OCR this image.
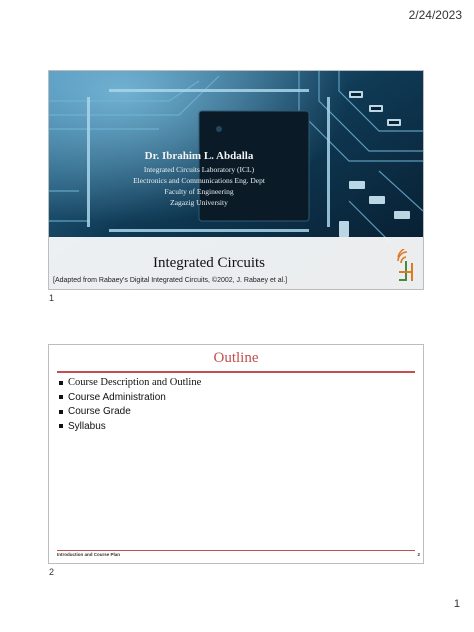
2/24/2023
Dr. Ibrahim L. Abdalla
Integrated Circuits Laboratory (ICL)
Electronics and Communications Eng. Dept
Faculty of Engineering
Zagazig University
Integrated Circuits
[Adapted from Rabaey's Digital Integrated Circuits, ©2002, J. Rabaey et al.]
1
Outline
Course Description and Outline
Course Administration
Course Grade
Syllabus
Introduction and Course Plan	2
2
1
